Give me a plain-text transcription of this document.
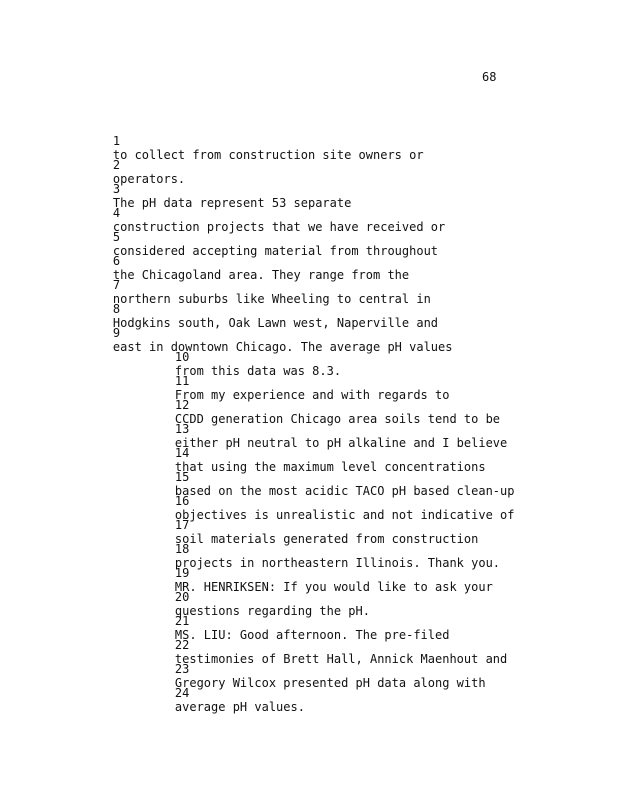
68

1
to collect from construction site owners or

2
operators.

3
The pH data represent 53 separate

4
construction projects that we have received or

5
considered accepting material from throughout

6
the Chicagoland area. They range from the

7
northern suburbs like Wheeling to central in

8
Hodgkins south, Oak Lawn west, Naperville and

9
east in downtown Chicago. The average pH values

10
from this data was 8.3.

11
From my experience and with regards to

12
CCDD generation Chicago area soils tend to be

13
either pH neutral to pH alkaline and I believe

14
that using the maximum level concentrations

15
based on the most acidic TACO pH based clean-up

16
objectives is unrealistic and not indicative of

17
soil materials generated from construction

18
projects in northeastern Illinois. Thank you.

19
MR. HENRIKSEN: If you would like to ask your

20
questions regarding the pH.

21
MS. LIU: Good afternoon. The pre-filed

22
testimonies of Brett Hall, Annick Maenhout and

23
Gregory Wilcox presented pH data along with

24
average pH values.
